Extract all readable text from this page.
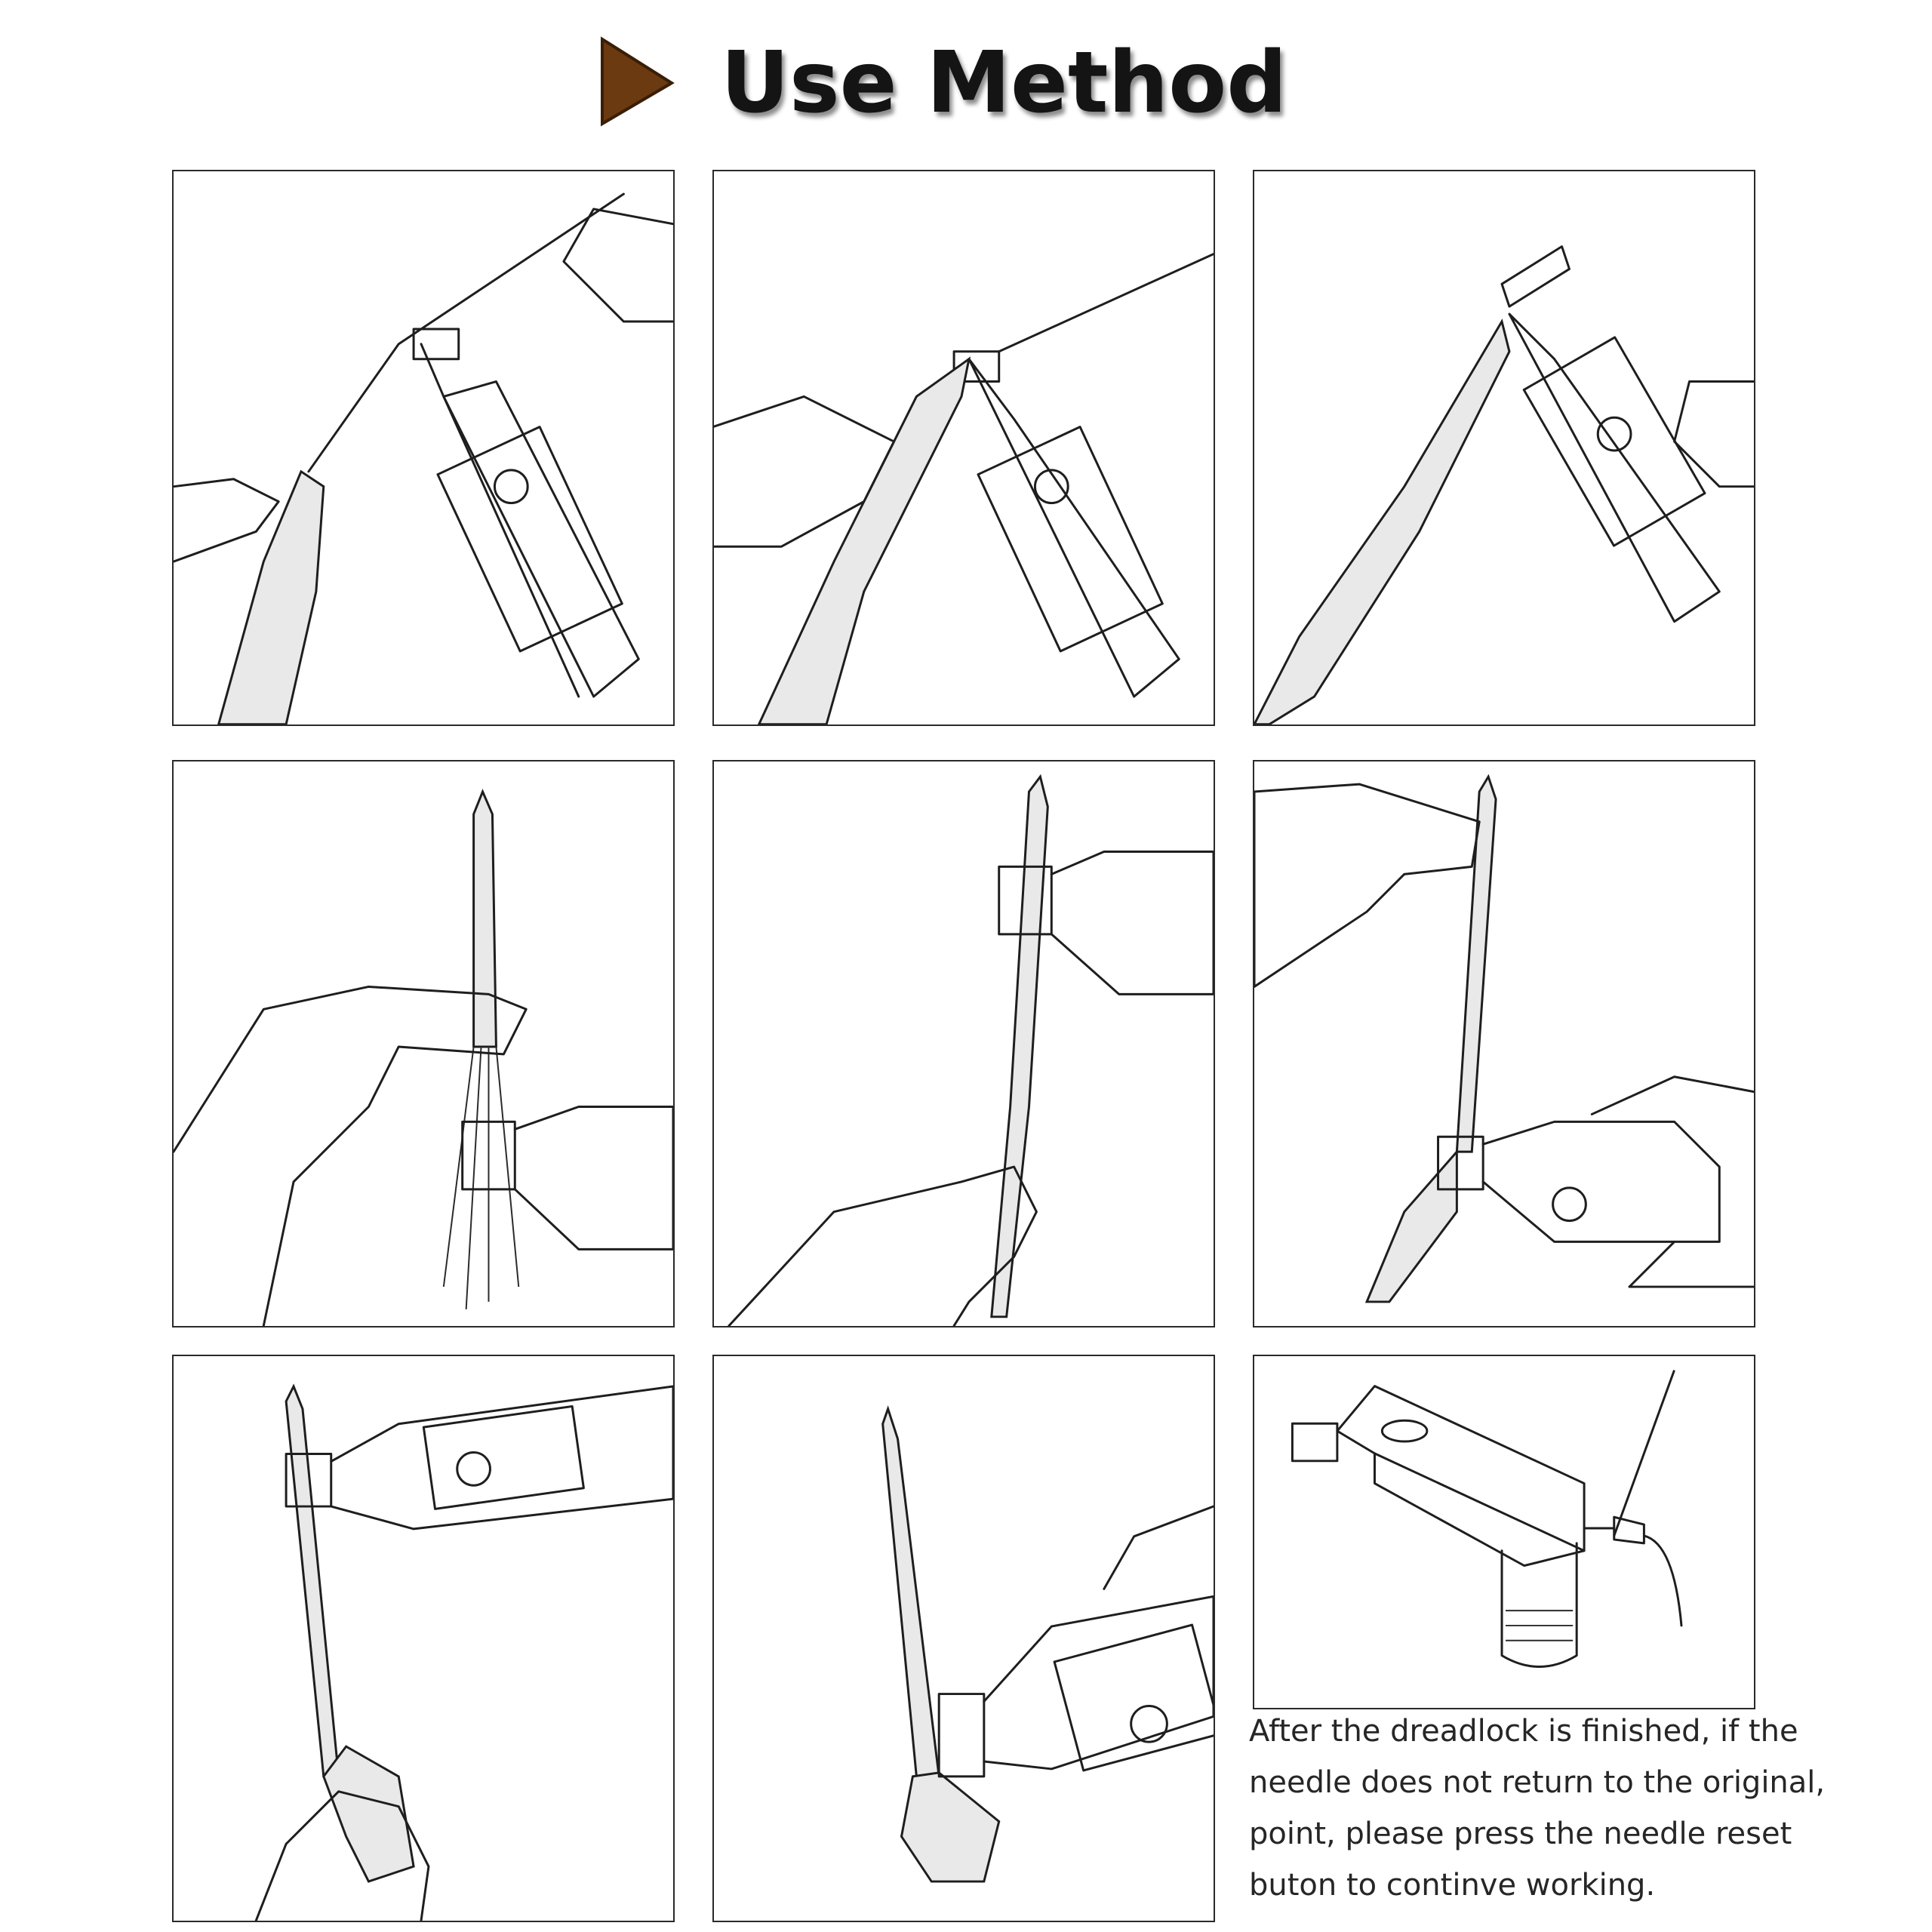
Use Method
After the dreadlock is finished, if the
needle does not return to the original,
point, please press the needle reset
buton to continve working.
